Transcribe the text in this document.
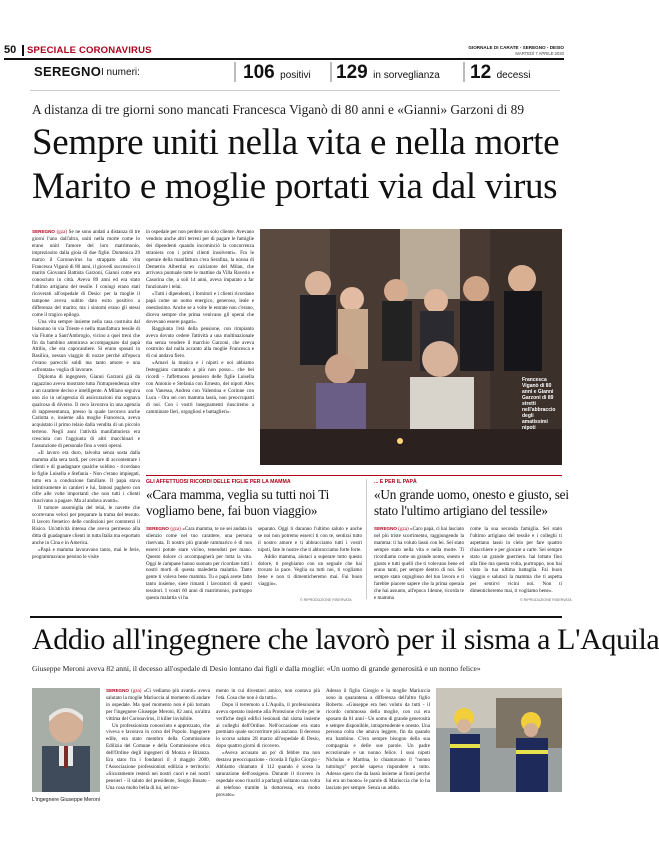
50 SPECIALE CORONAVIRUS	GIORNALE DI CARATE - SEREGNO - DESIO
MARTEDÌ 7 APRILE 2020
SEREGNO I numeri:	106 positivi 129 in sorveglianza 12 decessi
A distanza di tre giorni sono mancati Francesca Viganò di 80 anni e «Gianni» Garzoni di 89
Sempre uniti nella vita e nella morte
Marito e moglie portati via dal virus

SEREGNO (gza) Se ne sono andati a distanza di tre giorni l'uno dall'altra, uniti nella morte come lo erano uniti l'amore del loro matrimonio, impreziosito dalla gioia di due figlie. Domenica 29 marzo il Coronavirus ha strappato alla vita Francesca Viganò di 80 anni, il giovedì successivo il marito Giovanni Battista Garzoni, Gianni come era conosciuto in città. Aveva 89 anni ed era stato l'ultimo artigiano del tessile. I coniugi erano stati ricoverati all'ospedale di Desio: per la moglie il tampone aveva subito dato esito positivo a differenza del marito; ma i sintomi erano gli stessi come il tragico epilogo.

Una vita sempre insieme nella casa costruita dal bisnonno in via Trieste e nella manifattura tessile di via Fiume a Sant'Ambrogio, vicino a quei treni che fin da bambino ammirava accompagnato dal papà Attilio, che era capocantiere. Si erano sposati in Basilica, nessun viaggio di nozze perché all'epoca c'erano parecchi soldi ma tanto amore e una «sfrontata» voglia di lavorare.

Diploma di ingegnere, Gianni Garzoni già da ragazzino aveva mostrato tutta l'intraprendenza oltre a un carattere deciso e intelligente. A Milano seguiva uno zio in un'agenzia di assicurazioni ma sognava qualcosa di diverso. Il ceco lavorava in una agenzia di rappresentanza, presso la quale lavorava anche Carlotta e, insieme alla moglie Francesca, aveva acquistato il primo telaio dalla vendita di un piccolo terreno. Negli anni l'attività manifatturiera era cresciuta con l'aggiunta di altri macchinari e l'assunzione di personale fino a venti operai.

«Il lavoro era duro, talvolta senza sosta dalla mamma alla sera tardi, per cercare di accontentare i clienti e di guadagnare qualche soldino - ricordano le figlie Luisella e Stefania - Non c'erano impiegati, tutto era a conduzione familiare. Il papà stava istintivamente in cantieri e lui, famosi paghero con cifre alle volte importanti che non tutti i clienti riuscivano a pagare. Ma al andava avanti».

Il tumore assomiglia del telai, le navette che scorrevano veloci per preparare la trama del tessuto. Il lavoro frenetico delle confezioni per contoterzi il Risico. Un'attività intensa che aveva permesso alla ditta di guadagnare clienti in tutta Italia ma esportato anche in Cina e in America.

«Papà e mamma lavoravano tanto, mai le ferie, programmavano persino le visite

in ospedale per non perdere un solo cliente. Avevano venduto anche altri terreni per di pagare le famiglie dei dipendenti quando incominciò la concorrenza straniera con i primi clienti insolventi». Fra le operaie della manifattura c'era Serafina, la nonna di Demetrio Albertini ex calciatore del Milan, che arrivava puntuale tutte le mattine da Villa Raverio e Casorina che, a soli 14 anni, aveva imparato a far funzionare i telai.

«Tutti i dipendenti, i fornitori e i clienti ricordano papà come un uomo energico, generoso, leale e onestissimo. Anche se a volte le entrate non c'erano, diceva sempre che prima venivano gli operai che dovevano essere pagati».

Raggiunta l'età della pensione, con rimpianto aveva dovuto cedere l'attività a una multinazionale ma senza vendere il marchio Garzoni, che aveva costruito dal nulla accanto alla moglie Francesca e di cui andava fiero.

«Amavi la musica e i nipoti e noi abbiamo festeggiato cantando a più non posso... che bei ricordi - l'affettuoso pensiero delle figlie Luisella con Antonio e Stefania con Ernesto, dei nipoti Alex con Vanessa, Andrea con Valentina e Corinne con Luca - Ora sei con mamma lassù, non preoccuparti di noi. Con i vostri insegnamenti riusciremo a camminare fieri, orgogliosi e battaglieri».

Francesca Viganò di 80 anni e Gianni Garzoni di 89 stretti nell'abbraccio degli amatissimi nipoti
GLI AFFETTUOSI RICORDI DELLE FIGLIE PER LA MAMMA
«Cara mamma, veglia su tutti noi Ti vogliamo bene, fai buon viaggio»
... E PER IL PAPÀ
«Un grande uomo, onesto e giusto, sei stato l'ultimo artigiano del tessile»

SEREGNO (gza) «Cara mamma, te ne sei andata in silenzio come nel tuo carattere, una persona riservata. Il nostro più grande rammarico è di non esserci potute stare vicino, tenendoti per mano. Questo dolore ci accompagnerà per tutta la vita. Oggi le campane hanno suonato per ricordare tutti i nostri morti di questa maledetta malattia. Tante gente ti voleva bene mamma. Tu e papà avete fatto tanto insieme, siete rimasti i lavoratori di questi tessitori. I vostri 60 anni di matrimonio, purtroppo questa malattia vi ha

separato. Oggi ti daranno l'ultimo saluto e anche se noi non potremo esserci ti con te, sentirai tutto il nostro amore e ti abbracciamo tutti i vostri nipoti, fate le nostre che ti abbracciamo forte forte.

Addio mamma, aiutaci a superare tutto questo dolore, ti preghiamo con un segnale che hai trovato la pace. Veglia su tutti noi, ti vogliamo bene e non ti dimenticheremo mai. Fai buon viaggio».

© RIPRODUZIONE RISERVATA

SEREGNO (gza) «Caro papà, ci hai lasciato nel più triste scorrimento, raggiungendo la mamma: ti ha voluto lassù con lei. Sei stato sempre stato nella vita e nella morte. Ti ricordiamo come un grande uomo, onesto e giusto e tutti quelli che ti volevano bene ed erano tanti, per sempre dentro di noi. Sei sempre stato orgoglioso del tuo lavoro e ti farebbe piacere sapere che la prima operaia che hai assunto, all'epoca 14enne, ricorda te e mamma

come la sua seconda famiglia. Sei stato l'ultimo artigiano del tessile e i colleghi ti aspettano lassù in cielo per fare quattro chiacchiere e per giocare a carte. Sei sempre stato un grande guerriero. hai lottato fino alla fine ma questa volta, purtroppo, non hai vinto la tua ultima battaglia. Fai buon viaggio e salutaci la mamma che ti aspetta per sentirvi vicini noi. Non ti dimenticheremo mai, ti vogliamo bene».

© RIPRODUZIONE RISERVATA
Addio all'ingegnere che lavorò per il sisma a L'Aquila
Giuseppe Meroni aveva 82 anni, il decesso all'ospedale di Desio lontano dai figli e dalla moglie: «Un uomo di grande generosità e un nonno felice»
L'ingegnere Giuseppe Meroni

SEREGNO (gza) «Ci vediamo più avanti» aveva salutato la moglie Mariuccia al momento di andare in ospedale. Ma quel momento non è più tornato per l'ingegnere Giuseppe Meroni, 82 anni, un'altra vittima del Coronavirus, il killer invisibile.

Un professionista conosciuto e apprezzato, che viveva e lavorava in corso del Popolo. Ingegnere edile, era stato membro della Commissione Edilizia del Comune e della Commissione etica dell'Ordine degli ingegneri di Monza e Brianza. Era stato fra i fondatori il 4 maggio 2000, l'Associazione professionisti edilizia e territorio: «Sicuramente resterà nei nostri cuori e nei nostri pensieri - il saluto del presidente, Sergio Busato - Una cosa molto bella di lui, nel mo-

mento in cui diventavi amico, non contava più l'età. Cosa che non è da tutti».

Dopo il terremoto a L'Aquila, il professionista aveva operato insieme alla Protezione civile per le verifiche degli edifici lesionati dal sisma insieme ai colleghi dell'Ordine. Nell'occasione era stato premiato quale soccorritore più anziano. Il decesso lo scorso sabato 28 marzo all'ospedale di Desio, dopo quattro giorni di ricovero.

«Aveva accusato un po' di febbre ma non destava preoccupazione - ricorda il figlio Giorgio - Abbiamo chiamato il 112 quando è scesa la saturazione dell'ossigeno. Durante il ricovero in ospedale sono riusciti a parlargli soltanto una volta al telefono tramite la dottoressa, era molto provato».

Adesso il figlio Giorgio e la moglie Mariuccia sono in quarantena a differenza dell'altro figlio Roberto. «Giuseppe era ben voluto da tutti - il ricordo commosso della moglie, con cui era sposato da 61 anni - Un uomo di grande generosità e sempre disponibile, intraprendente e onesto. Una persona colta che amava leggere, fin da quando era bambino. C'era sempre bisogno della sua compagnia e delle sue parole. Un padre eccezionale e un nonno felice. I suoi nipoti Nicholas e Martina, lo chiamavano il "nonno tuttologo" perché sapeva rispondere a tutto. Adesso spero che da lassù insieme ai fiumi perché lui era un buono» le parole di Mariuccia che lo ha lasciato per sempre. Senza un addio.
